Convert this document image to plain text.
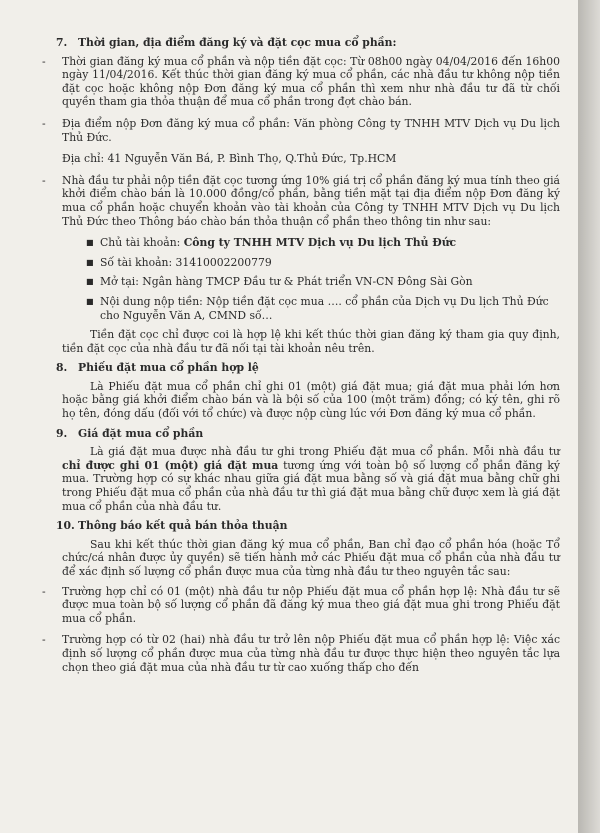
7. Thời gian, địa điểm đăng ký và đặt cọc mua cổ phần:
-	Thời gian đăng ký mua cổ phần và nộp tiền đặt cọc: Từ 08h00 ngày 04/04/2016 đến 16h00 ngày 11/04/2016. Kết thúc thời gian đăng ký mua cổ phần, các nhà đầu tư không nộp tiền đặt cọc hoặc không nộp Đơn đăng ký mua cổ phần thì xem như nhà đầu tư đã từ chối quyền tham gia thỏa thuận để mua cổ phần trong đợt chào bán.
-	Địa điểm nộp Đơn đăng ký mua cổ phần: Văn phòng Công ty TNHH MTV Dịch vụ Du lịch Thủ Đức.

Địa chỉ: 41 Nguyễn Văn Bá, P. Bình Thọ, Q.Thủ Đức, Tp.HCM

-	Nhà đầu tư phải nộp tiền đặt cọc tương ứng 10% giá trị cổ phần đăng ký mua tính theo giá khởi điểm chào bán là 10.000 đồng/cổ phần, bằng tiền mặt tại địa điểm nộp Đơn đăng ký mua cổ phần hoặc chuyển khoản vào tài khoản của Công ty TNHH MTV Dịch vụ Du lịch Thủ Đức theo Thông báo chào bán thỏa thuận cổ phần theo thông tin như sau:
■ Chủ tài khoản: Công ty TNHH MTV Dịch vụ Du lịch Thủ Đức
■ Số tài khoản: 31410002200779
■ Mở tại: Ngân hàng TMCP Đầu tư & Phát triển VN-CN Đông Sài Gòn
■ Nội dung nộp tiền: Nộp tiền đặt cọc mua …. cổ phần của Dịch vụ Du lịch Thủ Đức cho Nguyễn Văn A, CMND số…

Tiền đặt cọc chỉ được coi là hợp lệ khi kết thúc thời gian đăng ký tham gia quy định, tiền đặt cọc của nhà đầu tư đã nối tại tài khoản nêu trên.

8. Phiếu đặt mua cổ phần hợp lệ

Là Phiếu đặt mua cổ phần chỉ ghi 01 (một) giá đặt mua; giá đặt mua phải lớn hơn hoặc bằng giá khởi điểm chào bán và là bội số của 100 (một trăm) đồng; có ký tên, ghi rõ họ tên, đóng dấu (đối với tổ chức) và được nộp cùng lúc với Đơn đăng ký mua cổ phần.

9. Giá đặt mua cổ phần

Là giá đặt mua được nhà đầu tư ghi trong Phiếu đặt mua cổ phần. Mỗi nhà đầu tư chỉ được ghi 01 (một) giá đặt mua tương ứng với toàn bộ số lượng cổ phần đăng ký mua. Trường hợp có sự khác nhau giữa giá đặt mua bằng số và giá đặt mua bằng chữ ghi trong Phiếu đặt mua cổ phần của nhà đầu tư thì giá đặt mua bằng chữ được xem là giá đặt mua cổ phần của nhà đầu tư.

10. Thông báo kết quả bán thỏa thuận

Sau khi kết thúc thời gian đăng ký mua cổ phần, Ban chỉ đạo cổ phần hóa (hoặc Tổ chức/cá nhân được ủy quyền) sẽ tiến hành mở các Phiếu đặt mua cổ phần của nhà đầu tư để xác định số lượng cổ phần được mua của từng nhà đầu tư theo nguyên tắc sau:

-	Trường hợp chỉ có 01 (một) nhà đầu tư nộp Phiếu đặt mua cổ phần hợp lệ: Nhà đầu tư sẽ được mua toàn bộ số lượng cổ phần đã đăng ký mua theo giá đặt mua ghi trong Phiếu đặt mua cổ phần.
-	Trường hợp có từ 02 (hai) nhà đầu tư trở lên nộp Phiếu đặt mua cổ phần hợp lệ: Việc xác định số lượng cổ phần được mua của từng nhà đầu tư được thực hiện theo nguyên tắc lựa chọn theo giá đặt mua của nhà đầu tư từ cao xuống thấp cho đến
